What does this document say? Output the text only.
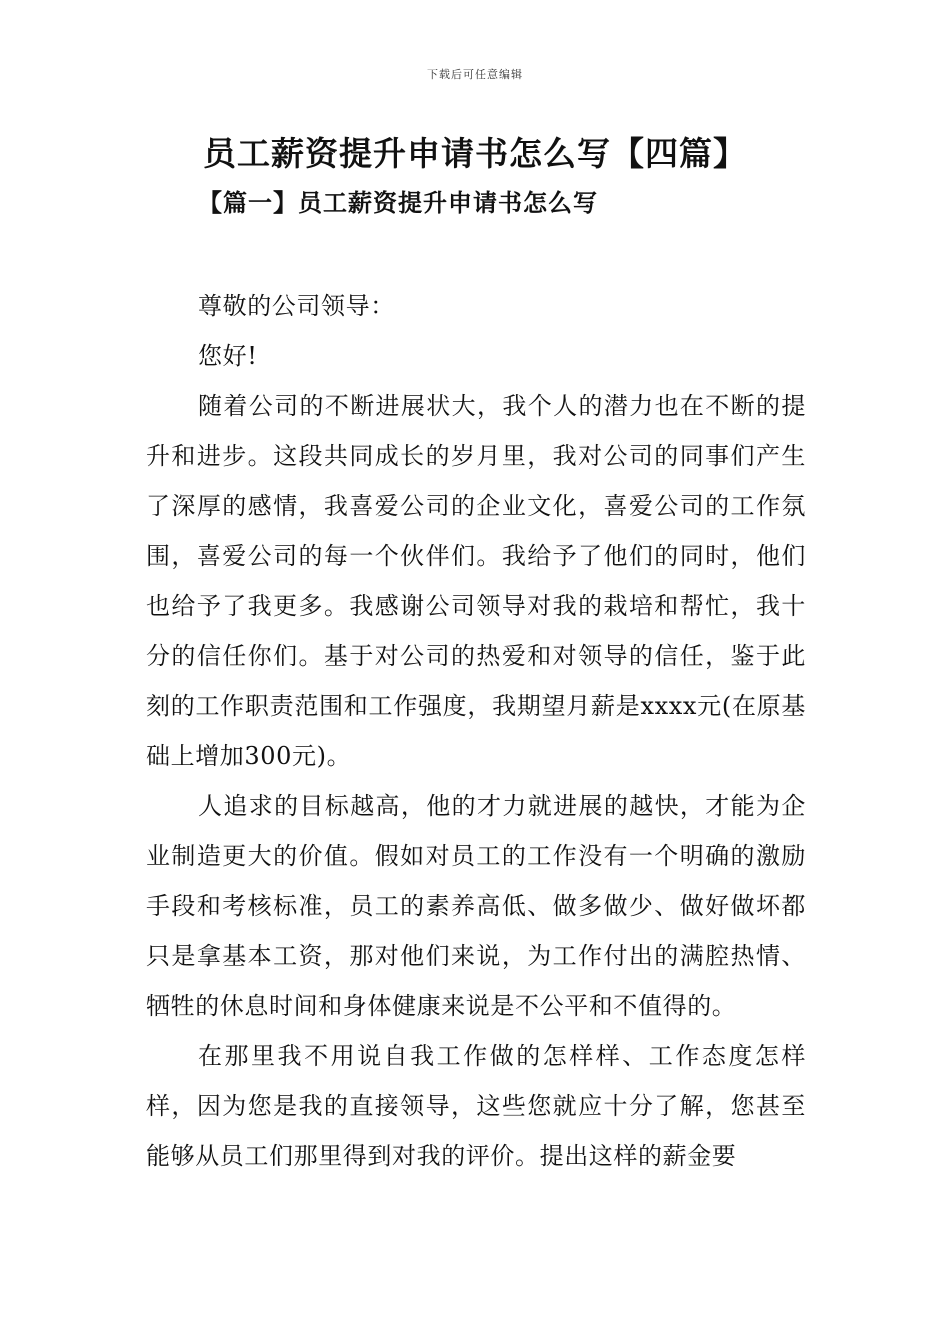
下载后可任意编辑
员工薪资提升申请书怎么写【四篇】
【篇一】员工薪资提升申请书怎么写

尊敬的公司领导：

您好!

随着公司的不断进展状大，我个人的潜力也在不断的提升和进步。这段共同成长的岁月里，我对公司的同事们产生了深厚的感情，我喜爱公司的企业文化，喜爱公司的工作氛围，喜爱公司的每一个伙伴们。我给予了他们的同时，他们也给予了我更多。我感谢公司领导对我的栽培和帮忙，我十分的信任你们。基于对公司的热爱和对领导的信任，鉴于此刻的工作职责范围和工作强度，我期望月薪是xxxx元(在原基础上增加300元)。

人追求的目标越高，他的才力就进展的越快，才能为企业制造更大的价值。假如对员工的工作没有一个明确的激励手段和考核标准，员工的素养高低、做多做少、做好做坏都只是拿基本工资，那对他们来说，为工作付出的满腔热情、牺牲的休息时间和身体健康来说是不公平和不值得的。

在那里我不用说自我工作做的怎样样、工作态度怎样样，因为您是我的直接领导，这些您就应十分了解，您甚至能够从员工们那里得到对我的评价。提出这样的薪金要
